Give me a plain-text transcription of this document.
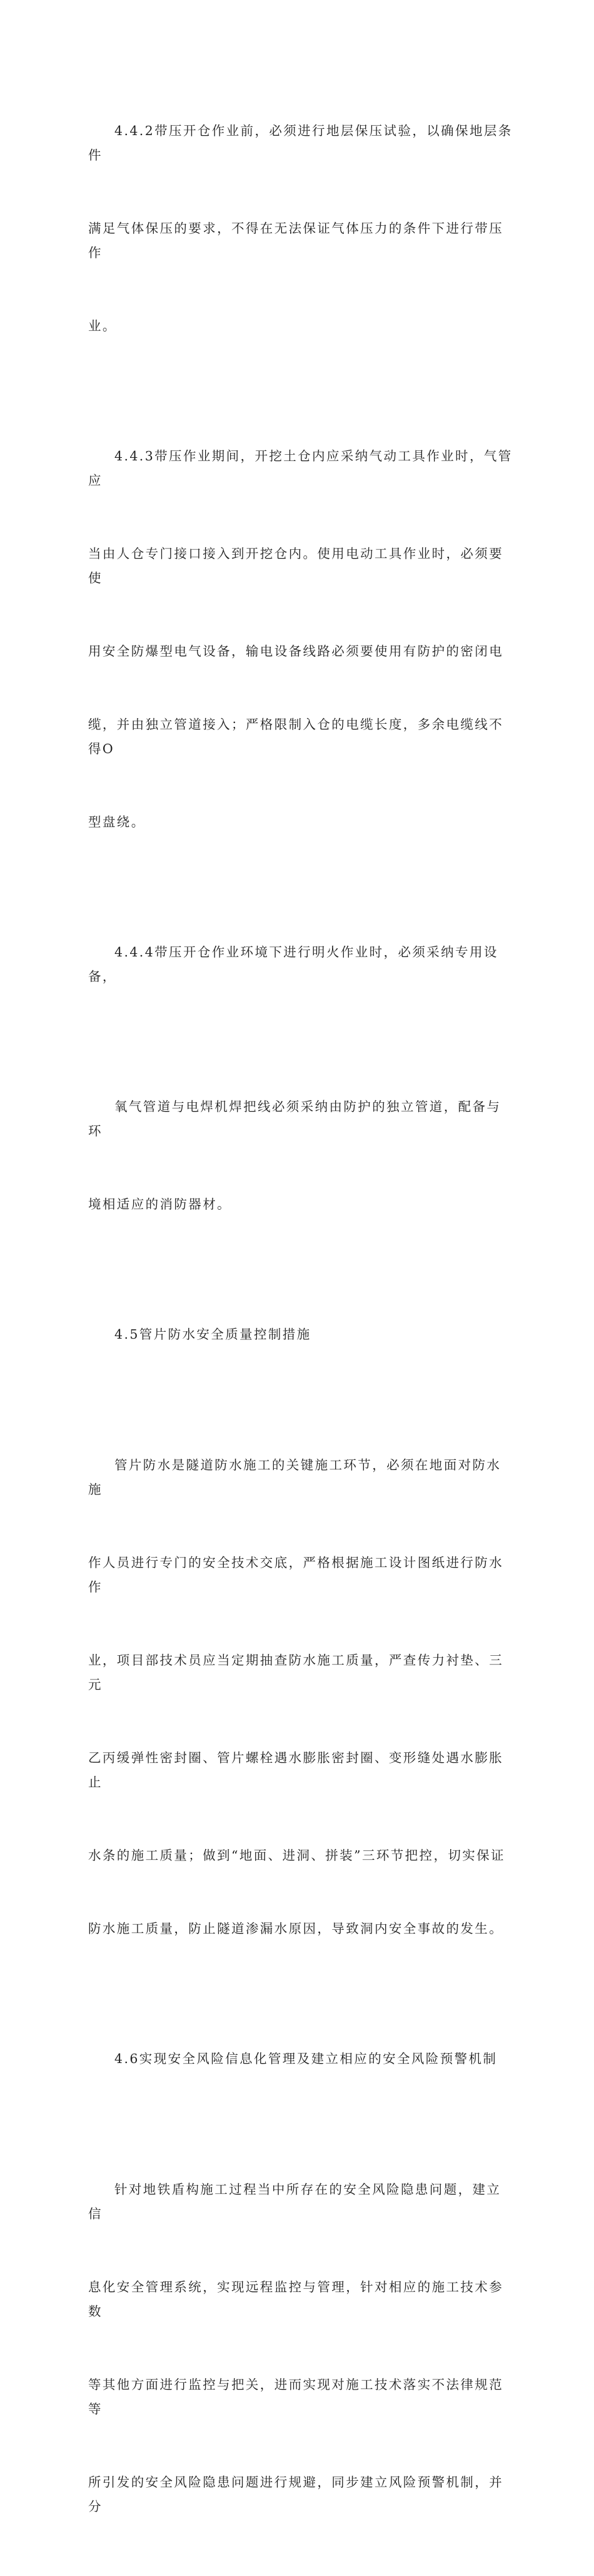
4.4.2带压开仓作业前，必须进行地层保压试验，以确保地层条件

满足气体保压的要求，不得在无法保证气体压力的条件下进行带压作

业。

4.4.3带压作业期间，开挖土仓内应采纳气动工具作业时，气管应

当由人仓专门接口接入到开挖仓内。使用电动工具作业时，必须要使

用安全防爆型电气设备，输电设备线路必须要使用有防护的密闭电

缆，并由独立管道接入；严格限制入仓的电缆长度，多余电缆线不得O

型盘绕。

4.4.4带压开仓作业环境下进行明火作业时，必须采纳专用设备，

氧气管道与电焊机焊把线必须采纳由防护的独立管道，配备与环

境相适应的消防器材。

4.5管片防水安全质量控制措施

管片防水是隧道防水施工的关键施工环节，必须在地面对防水施

作人员进行专门的安全技术交底，严格根据施工设计图纸进行防水作

业，项目部技术员应当定期抽查防水施工质量，严查传力衬垫、三元

乙丙缓弹性密封圈、管片螺栓遇水膨胀密封圈、变形缝处遇水膨胀止

水条的施工质量；做到“地面、进洞、拼装”三环节把控，切实保证

防水施工质量，防止隧道渗漏水原因，导致洞内安全事故的发生。

4.6实现安全风险信息化管理及建立相应的安全风险预警机制

针对地铁盾构施工过程当中所存在的安全风险隐患问题，建立信

息化安全管理系统，实现远程监控与管理，针对相应的施工技术参数

等其他方面进行监控与把关，进而实现对施工技术落实不法律规范等

所引发的安全风险隐患问题进行规避，同步建立风险预警机制，并分
